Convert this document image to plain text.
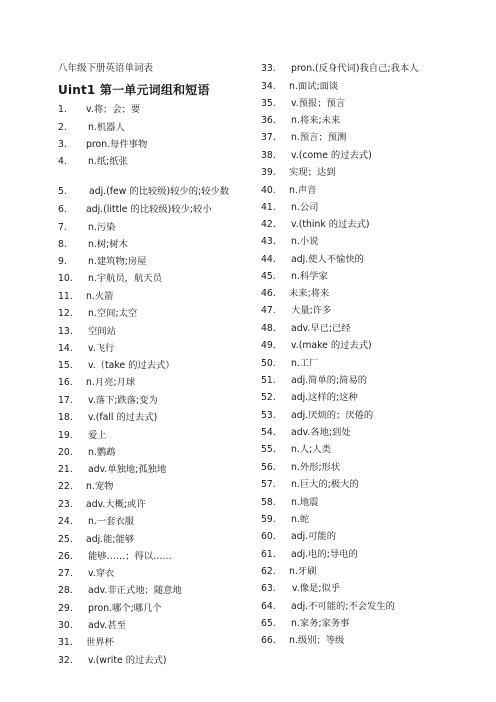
八年级下册英语单词表
Uint1 第一单元词组和短语
1. v.将；会；要
2. n.机器人
3. pron.每件事物
4. n.纸;纸张
5. adj.(few 的比较级)较少的;较少数
6. adj.(little 的比较级)较少;较小
7. n.污染
8. n.树;树木
9. n.建筑物;房屋
10. n.宇航员，航天员
11. n.火箭
12. n.空间;太空
13. 空间站
14. v.飞行
15. v.（take 的过去式）
16. n.月亮;月球
17. v.落下;跌落;变为
18. v.(fall 的过去式)
19. 爱上
20. n.鹦鹉
21. adv.单独地;孤独地
22. n.宠物
23. adv.大概;或许
24. n.一套衣服
25. adj.能;能够
26. 能够……；得以……
27. v.穿衣
28. adv.非正式地；随意地
29. pron.哪个;哪几个
30. adv.甚至
31. 世界杯
32. v.(write 的过去式)
33. pron.(反身代词)我自己;我本人
34. n.面试;面谈
35. v.预报；预言
36. n.将来;未来
37. n.预言；预测
38. v.(come 的过去式)
39. 实现；达到
40. n.声音
41. n.公司
42. v.(think 的过去式)
43. n.小说
44. adj.使人不愉快的
45. n.科学家
46. 未来;将来
47. 大量;许多
48. adv.早已;已经
49. v.(make 的过去式)
50. n.工厂
51. adj.简单的;简易的
52. adj.这样的;这种
53. adj.厌烦的；厌倦的
54. adv.各地;到处
55. n.人;人类
56. n.外形;形状
57. n.巨大的;极大的
58. n.地震
59. n.蛇
60. adj.可能的
61. adj.电的;导电的
62. n.牙刷
63. v.像是;似乎
64. adj.不可能的;不会发生的
65. n.家务;家务事
66. n.级别；等级
